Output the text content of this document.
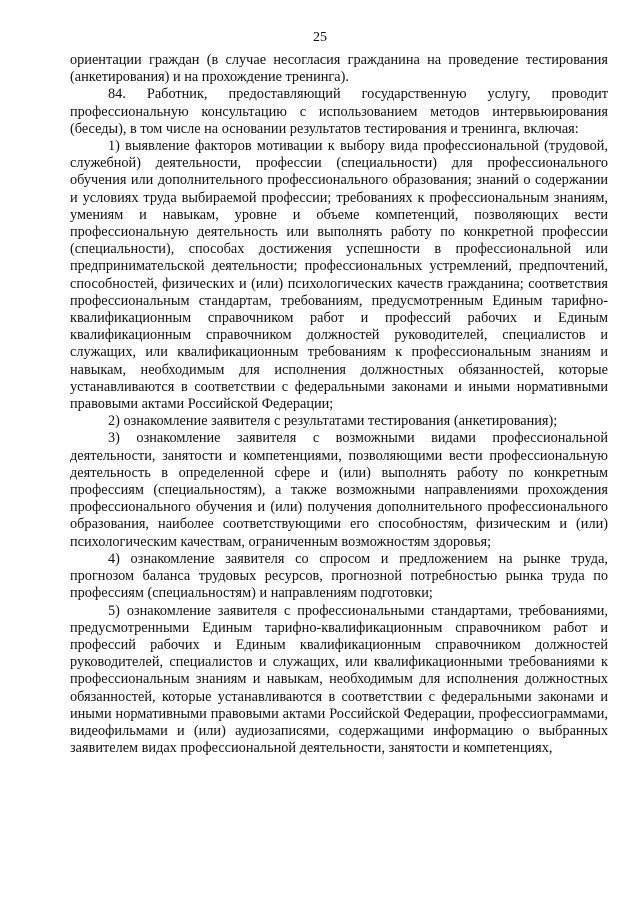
25

ориентации граждан (в случае несогласия гражданина на проведение тестирования (анкетирования) и на прохождение тренинга).

84. Работник, предоставляющий государственную услугу, проводит профессиональную консультацию с использованием методов интервьюирования (беседы), в том числе на основании результатов тестирования и тренинга, включая:

1) выявление факторов мотивации к выбору вида профессиональной (трудовой, служебной) деятельности, профессии (специальности) для профессионального обучения или дополнительного профессионального образования; знаний о содержании и условиях труда выбираемой профессии; требованиях к профессиональным знаниям, умениям и навыкам, уровне и объеме компетенций, позволяющих вести профессиональную деятельность или выполнять работу по конкретной профессии (специальности), способах достижения успешности в профессиональной или предпринимательской деятельности; профессиональных устремлений, предпочтений, способностей, физических и (или) психологических качеств гражданина; соответствия профессиональным стандартам, требованиям, предусмотренным Единым тарифно-квалификационным справочником работ и профессий рабочих и Единым квалификационным справочником должностей руководителей, специалистов и служащих, или квалификационным требованиям к профессиональным знаниям и навыкам, необходимым для исполнения должностных обязанностей, которые устанавливаются в соответствии с федеральными законами и иными нормативными правовыми актами Российской Федерации;

2) ознакомление заявителя с результатами тестирования (анкетирования);

3) ознакомление заявителя с возможными видами профессиональной деятельности, занятости и компетенциями, позволяющими вести профессиональную деятельность в определенной сфере и (или) выполнять работу по конкретным профессиям (специальностям), а также возможными направлениями прохождения профессионального обучения и (или) получения дополнительного профессионального образования, наиболее соответствующими его способностям, физическим и (или) психологическим качествам, ограниченным возможностям здоровья;

4) ознакомление заявителя со спросом и предложением на рынке труда, прогнозом баланса трудовых ресурсов, прогнозной потребностью рынка труда по профессиям (специальностям) и направлениям подготовки;

5) ознакомление заявителя с профессиональными стандартами, требованиями, предусмотренными Единым тарифно-квалификационным справочником работ и профессий рабочих и Единым квалификационным справочником должностей руководителей, специалистов и служащих, или квалификационными требованиями к профессиональным знаниям и навыкам, необходимым для исполнения должностных обязанностей, которые устанавливаются в соответствии с федеральными законами и иными нормативными правовыми актами Российской Федерации, профессиограммами, видеофильмами и (или) аудиозаписями, содержащими информацию о выбранных заявителем видах профессиональной деятельности, занятости и компетенциях,
